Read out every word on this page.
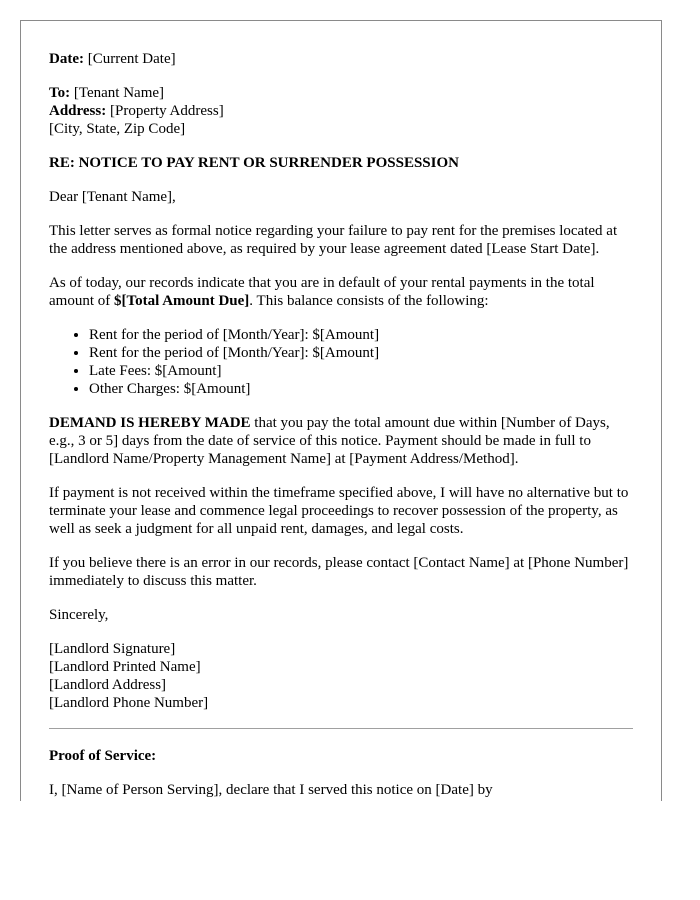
Date: [Current Date]

To: [Tenant Name]
Address: [Property Address]
[City, State, Zip Code]

RE: NOTICE TO PAY RENT OR SURRENDER POSSESSION

Dear [Tenant Name],

This letter serves as formal notice regarding your failure to pay rent for the premises located at the address mentioned above, as required by your lease agreement dated [Lease Start Date].

As of today, our records indicate that you are in default of your rental payments in the total amount of $[Total Amount Due]. This balance consists of the following:

• Rent for the period of [Month/Year]: $[Amount]
• Rent for the period of [Month/Year]: $[Amount]
• Late Fees: $[Amount]
• Other Charges: $[Amount]

DEMAND IS HEREBY MADE that you pay the total amount due within [Number of Days, e.g., 3 or 5] days from the date of service of this notice. Payment should be made in full to [Landlord Name/Property Management Name] at [Payment Address/Method].

If payment is not received within the timeframe specified above, I will have no alternative but to terminate your lease and commence legal proceedings to recover possession of the property, as well as seek a judgment for all unpaid rent, damages, and legal costs.

If you believe there is an error in our records, please contact [Contact Name] at [Phone Number] immediately to discuss this matter.

Sincerely,

[Landlord Signature]
[Landlord Printed Name]
[Landlord Address]
[Landlord Phone Number]

Proof of Service:

I, [Name of Person Serving], declare that I served this notice on [Date] by
